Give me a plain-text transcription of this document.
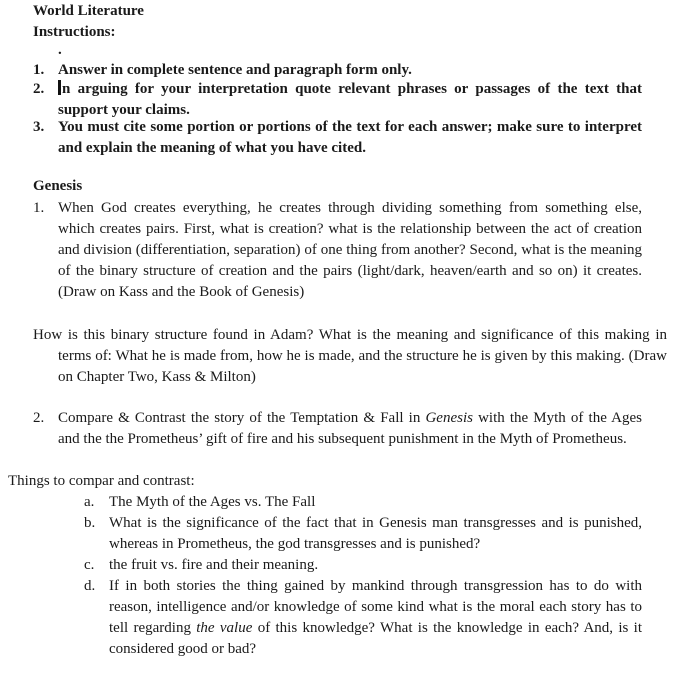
World Literature
Instructions:
.
1. Answer in complete sentence and paragraph form only.
2. n arguing for your interpretation quote relevant phrases or passages of the text that support your claims.
3. You must cite some portion or portions of the text for each answer; make sure to interpret and explain the meaning of what you have cited.
Genesis
1. When God creates everything, he creates through dividing something from something else, which creates pairs. First, what is creation? what is the relationship between the act of creation and division (differentiation, separation) of one thing from another? Second, what is the meaning of the binary structure of creation and the pairs (light/dark, heaven/earth and so on) it creates. (Draw on Kass and the Book of Genesis)
How is this binary structure found in Adam? What is the meaning and significance of this making in terms of: What he is made from, how he is made, and the structure he is given by this making. (Draw on Chapter Two, Kass & Milton)
2. Compare & Contrast the story of the Temptation & Fall in Genesis with the Myth of the Ages and the the Prometheus’ gift of fire and his subsequent punishment in the Myth of Prometheus.
Things to compar and contrast:
a. The Myth of the Ages vs. The Fall
b. What is the significance of the fact that in Genesis man transgresses and is punished, whereas in Prometheus, the god transgresses and is punished?
c. the fruit vs. fire and their meaning.
d. If in both stories the thing gained by mankind through transgression has to do with reason, intelligence and/or knowledge of some kind what is the moral each story has to tell regarding the value of this knowledge? What is the knowledge in each? And, is it considered good or bad?
